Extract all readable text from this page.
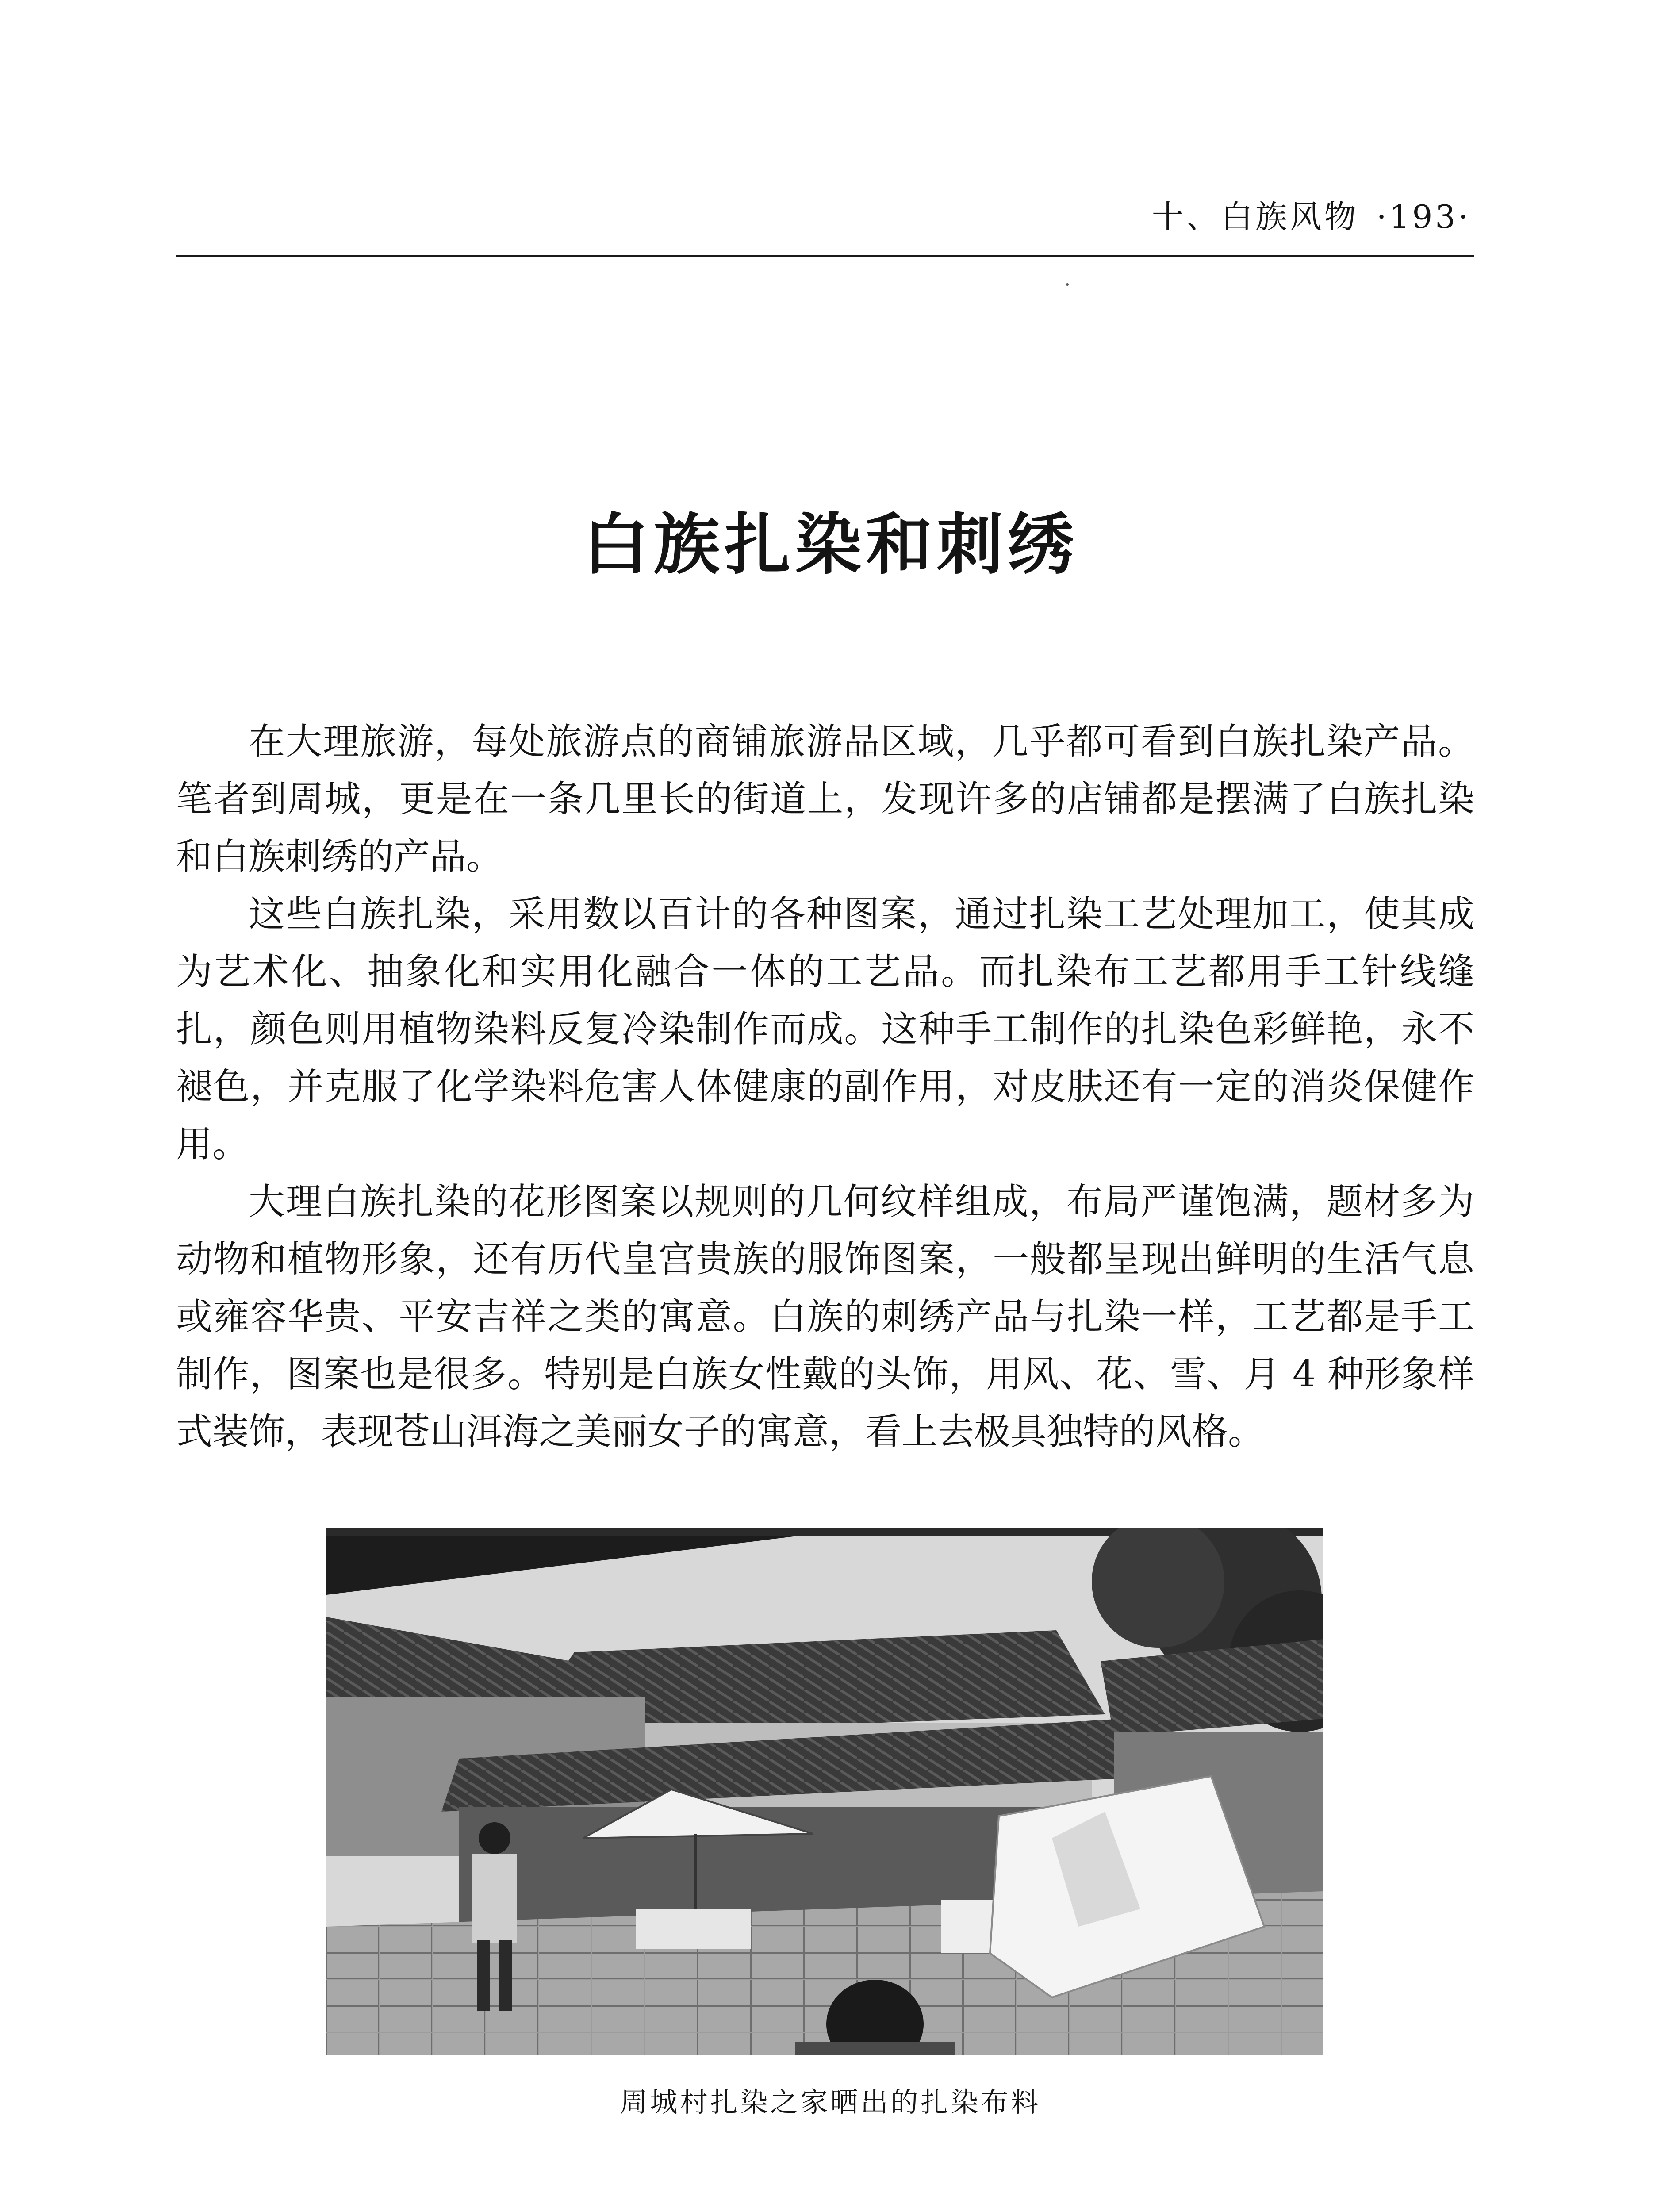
十、白族风物 ·193·
白族扎染和刺绣

在大理旅游，每处旅游点的商铺旅游品区域，几乎都可看到白族扎染产品。笔者到周城，更是在一条几里长的街道上，发现许多的店铺都是摆满了白族扎染和白族刺绣的产品。

这些白族扎染，采用数以百计的各种图案，通过扎染工艺处理加工，使其成为艺术化、抽象化和实用化融合一体的工艺品。而扎染布工艺都用手工针线缝扎，颜色则用植物染料反复冷染制作而成。这种手工制作的扎染色彩鲜艳，永不褪色，并克服了化学染料危害人体健康的副作用，对皮肤还有一定的消炎保健作用。

大理白族扎染的花形图案以规则的几何纹样组成，布局严谨饱满，题材多为动物和植物形象，还有历代皇宫贵族的服饰图案，一般都呈现出鲜明的生活气息或雍容华贵、平安吉祥之类的寓意。白族的刺绣产品与扎染一样，工艺都是手工制作，图案也是很多。特别是白族女性戴的头饰，用风、花、雪、月 4 种形象样式装饰，表现苍山洱海之美丽女子的寓意，看上去极具独特的风格。

周城村扎染之家晒出的扎染布料
